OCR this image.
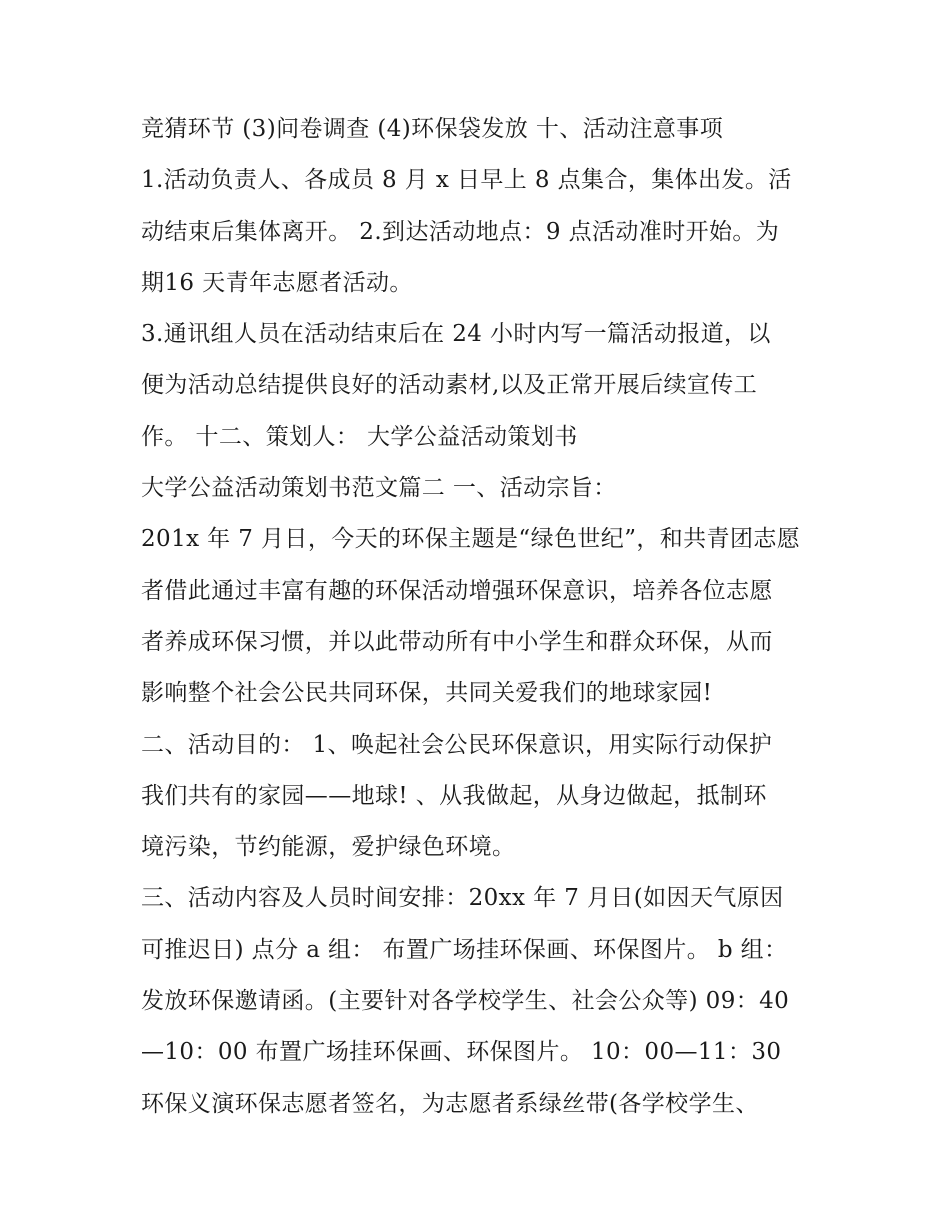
竞猜环节 (3)问卷调查 (4)环保袋发放 十、活动注意事项
1.活动负责人、各成员 8 月 x 日早上 8 点集合，集体出发。活
动结束后集体离开。 2.到达活动地点：9 点活动准时开始。为
期16 天青年志愿者活动。
3.通讯组人员在活动结束后在 24 小时内写一篇活动报道，以
便为活动总结提供良好的活动素材,以及正常开展后续宣传工
作。 十二、策划人： 大学公益活动策划书
大学公益活动策划书范文篇二 一、活动宗旨：
201x 年 7 月日，今天的环保主题是“绿色世纪”，和共青团志愿
者借此通过丰富有趣的环保活动增强环保意识，培养各位志愿
者养成环保习惯，并以此带动所有中小学生和群众环保，从而
影响整个社会公民共同环保，共同关爱我们的地球家园!
二、活动目的： 1、唤起社会公民环保意识，用实际行动保护
我们共有的家园——地球! 、从我做起，从身边做起，抵制环
境污染，节约能源，爱护绿色环境。
三、活动内容及人员时间安排：20xx 年 7 月日(如因天气原因
可推迟日) 点分 a 组： 布置广场挂环保画、环保图片。 b 组：
发放环保邀请函。(主要针对各学校学生、社会公众等) 09：40
—10：00 布置广场挂环保画、环保图片。 10：00—11：30
环保义演环保志愿者签名，为志愿者系绿丝带(各学校学生、
